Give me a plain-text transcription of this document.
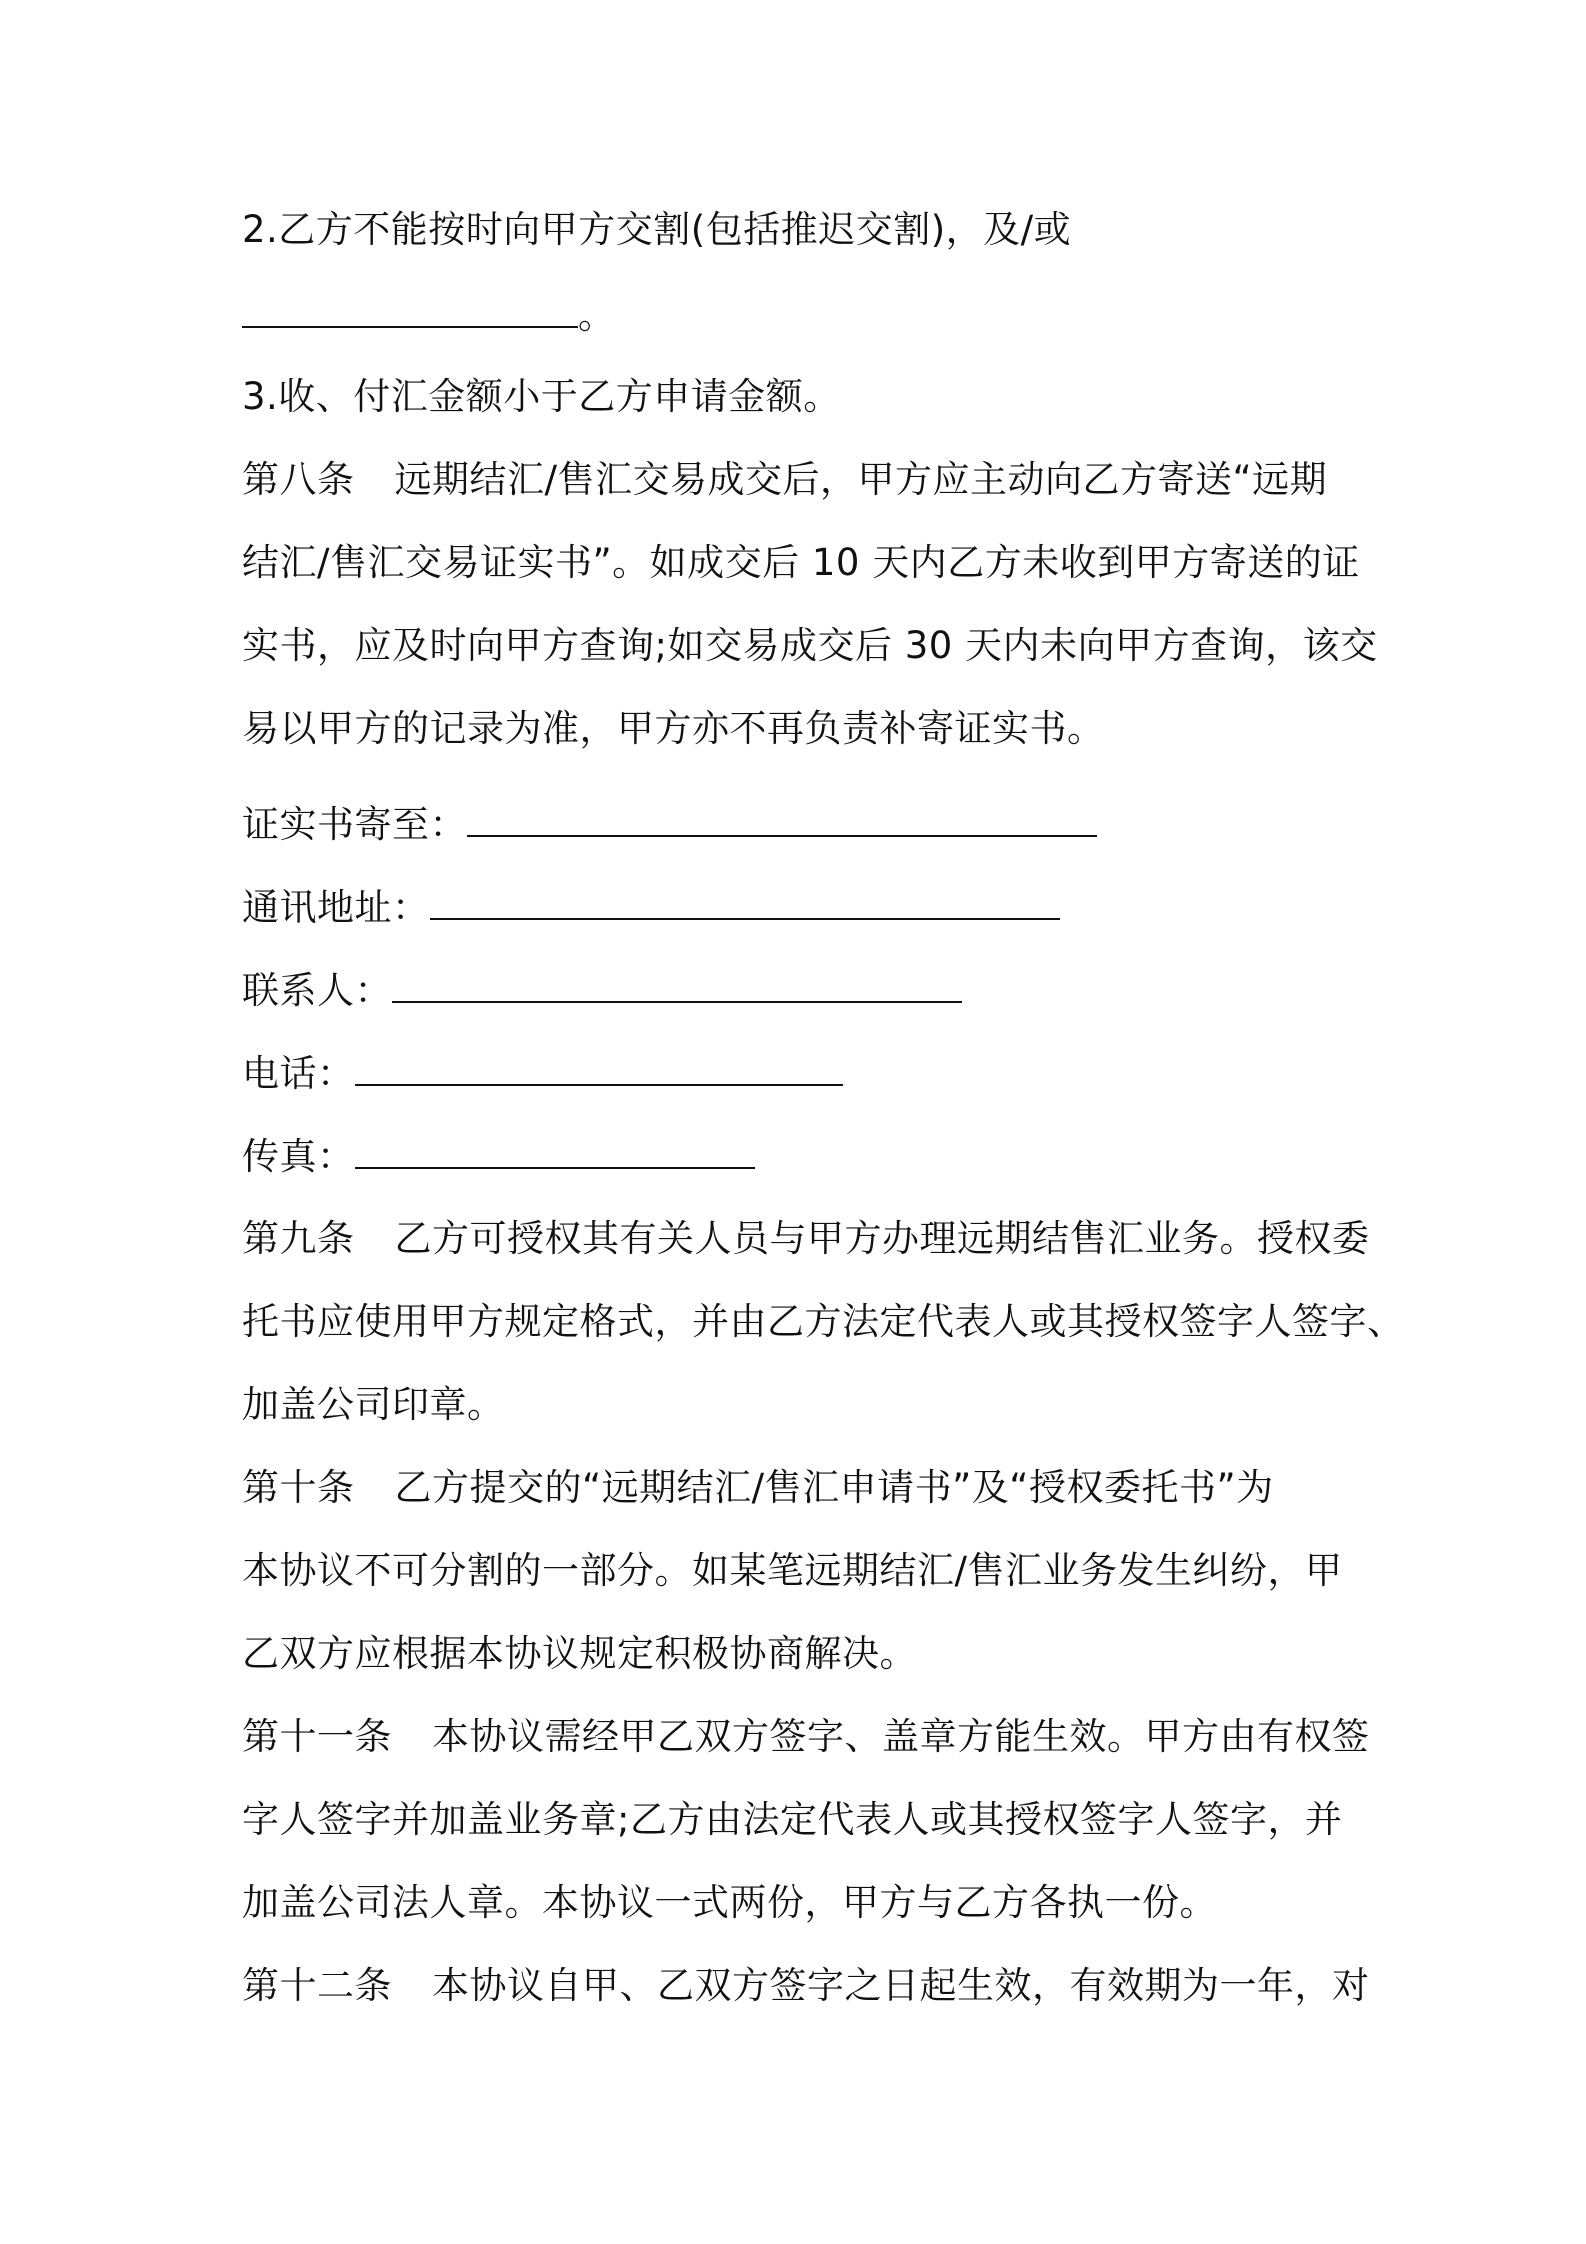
2.乙方不能按时向甲方交割(包括推迟交割)，及/或
。
3.收、付汇金额小于乙方申请金额。
第八条 远期结汇/售汇交易成交后，甲方应主动向乙方寄送“远期
结汇/售汇交易证实书”。如成交后 10 天内乙方未收到甲方寄送的证
实书，应及时向甲方查询;如交易成交后 30 天内未向甲方查询，该交
易以甲方的记录为准，甲方亦不再负责补寄证实书。
证实书寄至：
通讯地址：
联系人：
电话：
传真：
第九条 乙方可授权其有关人员与甲方办理远期结售汇业务。授权委
托书应使用甲方规定格式，并由乙方法定代表人或其授权签字人签字、
加盖公司印章。
第十条 乙方提交的“远期结汇/售汇申请书”及“授权委托书”为
本协议不可分割的一部分。如某笔远期结汇/售汇业务发生纠纷，甲
乙双方应根据本协议规定积极协商解决。
第十一条 本协议需经甲乙双方签字、盖章方能生效。甲方由有权签
字人签字并加盖业务章;乙方由法定代表人或其授权签字人签字，并
加盖公司法人章。本协议一式两份，甲方与乙方各执一份。
第十二条 本协议自甲、乙双方签字之日起生效，有效期为一年，对
